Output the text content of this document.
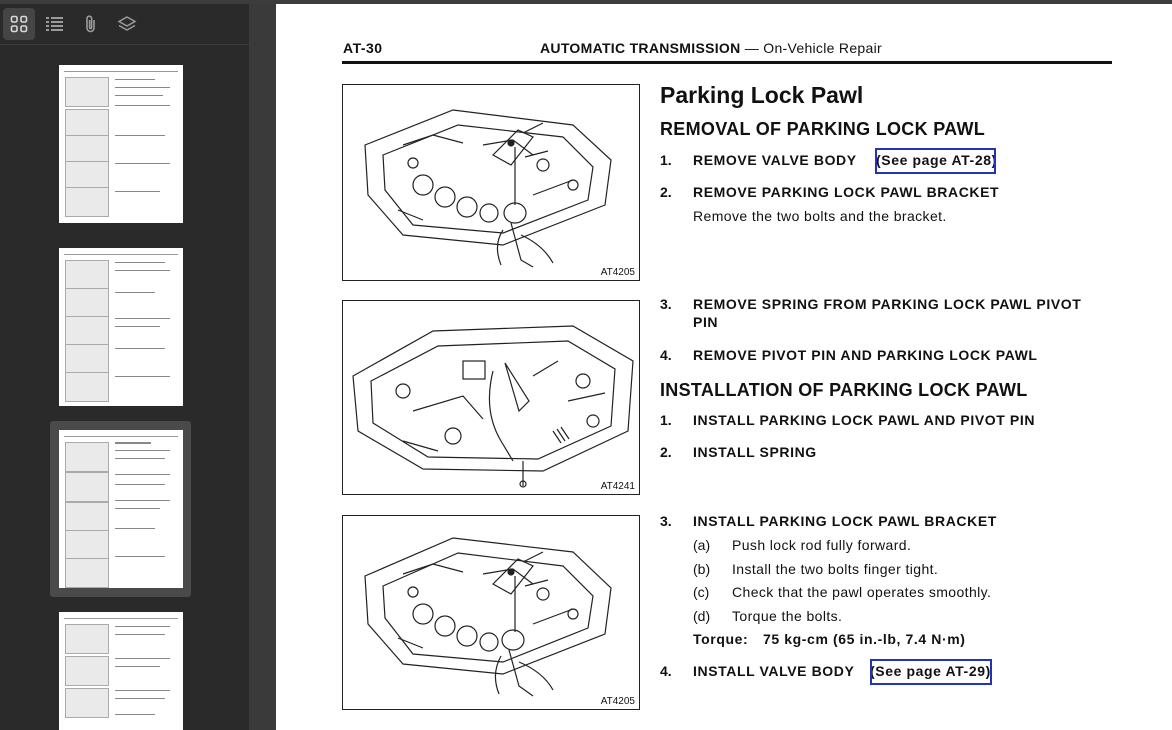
AT-30	AUTOMATIC TRANSMISSION — On-Vehicle Repair
AT4205
AT4241
AT4205
Parking Lock Pawl
REMOVAL OF PARKING LOCK PAWL
1. REMOVE VALVE BODY (See page AT-28)
2. REMOVE PARKING LOCK PAWL BRACKET
Remove the two bolts and the bracket.
3. REMOVE SPRING FROM PARKING LOCK PAWL PIVOT
PIN
4. REMOVE PIVOT PIN AND PARKING LOCK PAWL
INSTALLATION OF PARKING LOCK PAWL
1. INSTALL PARKING LOCK PAWL AND PIVOT PIN
2. INSTALL SPRING
3. INSTALL PARKING LOCK PAWL BRACKET
(a) Push lock rod fully forward.
(b) Install the two bolts finger tight.
(c) Check that the pawl operates smoothly.
(d) Torque the bolts.
Torque: 75 kg-cm (65 in.-lb, 7.4 N·m)
4. INSTALL VALVE BODY (See page AT-29)
